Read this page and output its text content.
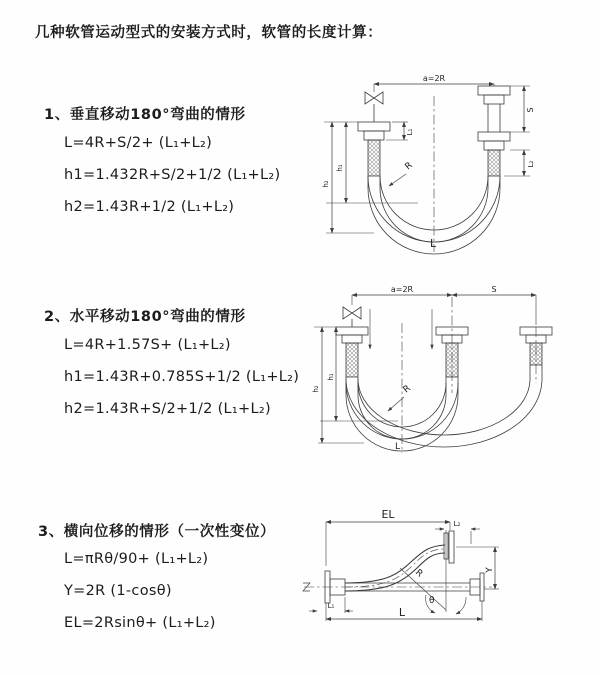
几种软管运动型式的安装方式时，软管的长度计算：
1、垂直移动180°弯曲的情形
L=4R+S/2+ (L₁+L₂)
h1=1.432R+S/2+1/2 (L₁+L₂)
h2=1.43R+1/2 (L₁+L₂)
a=2R
L₁
S
L₂
h₁
h₂
R
L
2、水平移动180°弯曲的情形
L=4R+1.57S+ (L₁+L₂)
h1=1.43R+0.785S+1/2 (L₁+L₂)
h2=1.43R+S/2+1/2 (L₁+L₂)
a=2R	S
h₁
h₂	R
L
3、横向位移的情形（一次性变位）
L=πRθ/90+ (L₁+L₂)
Y=2R (1-cosθ)
EL=2Rsinθ+ (L₁+L₂)
EL
L₂
Y
R
θ
L
L₁
